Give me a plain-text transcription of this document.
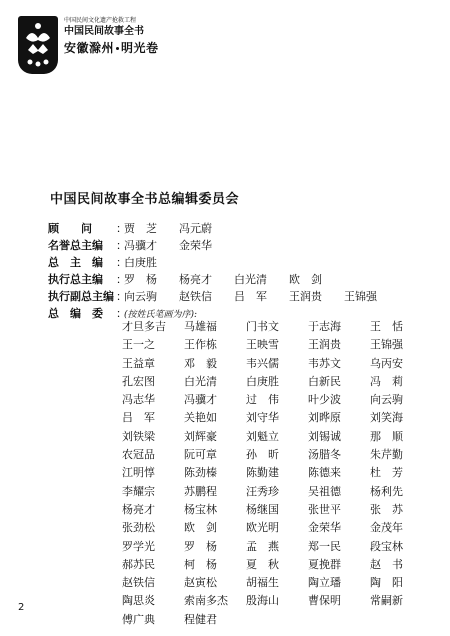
中国民间文化遗产抢救工程
中国民间故事全书
安徽滁州 明光卷
中国民间故事全书总编辑委员会
顾　　问 ：贾　芝 冯元蔚
名誉总主编 ：冯骥才 金荣华
总　主　编 ：白庚胜
执行总主编 ：罗　杨 杨亮才 白光清 欧　剑
执行副总主编 ：向云驹 赵铁信 吕　军 王润贵 王锦强
总　编　委 ：(按姓氏笔画为序):
才旦多吉	马雄福	门书文	于志海	王　恬
王一之	王作栋	王映雪	王润贵	王锦强
王益章	邓　毅	韦兴儒	韦苏文	乌丙安
孔宏图	白光清	白庚胜	白新民	冯　莉
冯志华	冯骥才	过　伟	叶少波	向云驹
吕　军	关艳如	刘守华	刘晔原	刘笑海
刘铁梁	刘辉豪	刘魁立	刘锡诚	那　顺
农冠品	阮可章	孙　昕	汤腊冬	朱芹勤
江明惇	陈劲榛	陈勤建	陈德来	杜　芳
李耀宗	苏鹏程	汪秀珍	吴祖德	杨利先
杨亮才	杨宝林	杨继国	张世平	张　苏
张劲松	欧　剑	欧光明	金荣华	金茂年
罗学光	罗　杨	孟　燕	郑一民	段宝林
郝苏民	柯　杨	夏　秋	夏挽群	赵　书
赵铁信	赵寅松	胡福生	陶立璠	陶　阳
陶思炎	索南多杰	殷海山	曹保明	常嗣新
傅广典	程健君
2
